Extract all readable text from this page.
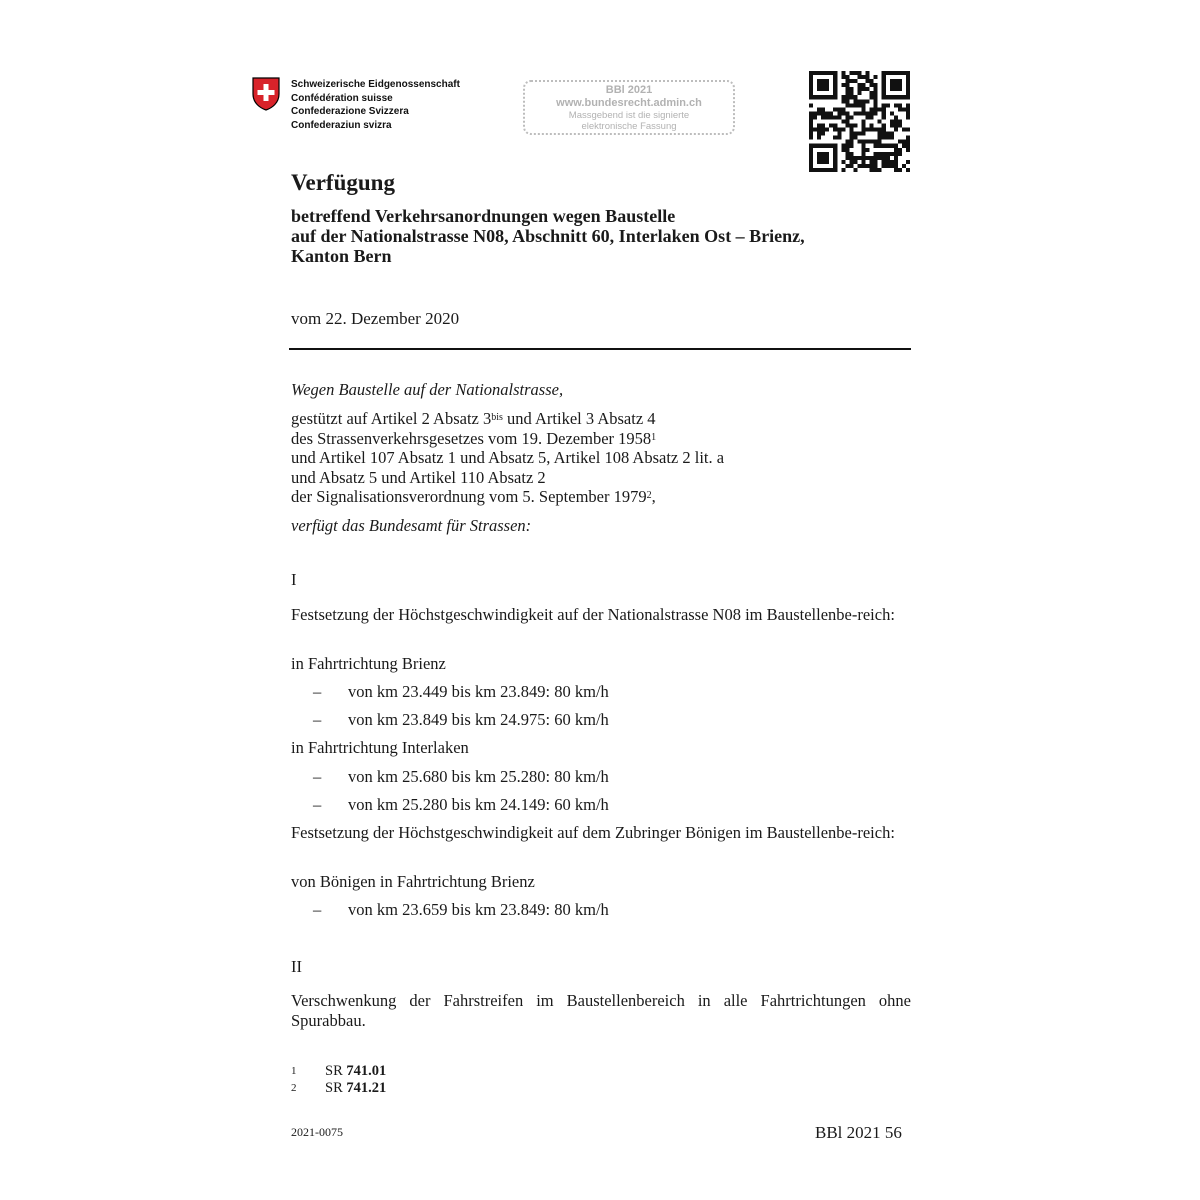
Schweizerische Eidgenossenschaft
Confédération suisse
Confederazione Svizzera
Confederaziun svizra
BBl 2021
www.bundesrecht.admin.ch
Massgebend ist die signierte
elektronische Fassung
Verfügung
betreffend Verkehrsanordnungen wegen Baustelle
auf der Nationalstrasse N08, Abschnitt 60, Interlaken Ost – Brienz,
Kanton Bern
vom 22. Dezember 2020
Wegen Baustelle auf der Nationalstrasse,
gestützt auf Artikel 2 Absatz $3^{bis}$ und Artikel 3 Absatz 4
des Strassenverkehrsgesetzes vom 19. Dezember 1958$^1$
und Artikel 107 Absatz 1 und Absatz 5, Artikel 108 Absatz 2 lit. a
und Absatz 5 und Artikel 110 Absatz 2
der Signalisationsverordnung vom 5. September 1979$^2$,
verfügt das Bundesamt für Strassen:
I
Festsetzung der Höchstgeschwindigkeit auf der Nationalstrasse N08 im Baustellenbe-reich:
in Fahrtrichtung Brienz
– von km 23.449 bis km 23.849: 80 km/h
– von km 23.849 bis km 24.975: 60 km/h
in Fahrtrichtung Interlaken
– von km 25.680 bis km 25.280: 80 km/h
– von km 25.280 bis km 24.149: 60 km/h
Festsetzung der Höchstgeschwindigkeit auf dem Zubringer Bönigen im Baustellenbe-reich:
von Bönigen in Fahrtrichtung Brienz
– von km 23.659 bis km 23.849: 80 km/h
II
Verschwenkung der Fahrstreifen im Baustellenbereich in alle Fahrtrichtungen ohne Spurabbau.
1 SR 741.01
2 SR 741.21
2021-0075	BBl 2021 56
